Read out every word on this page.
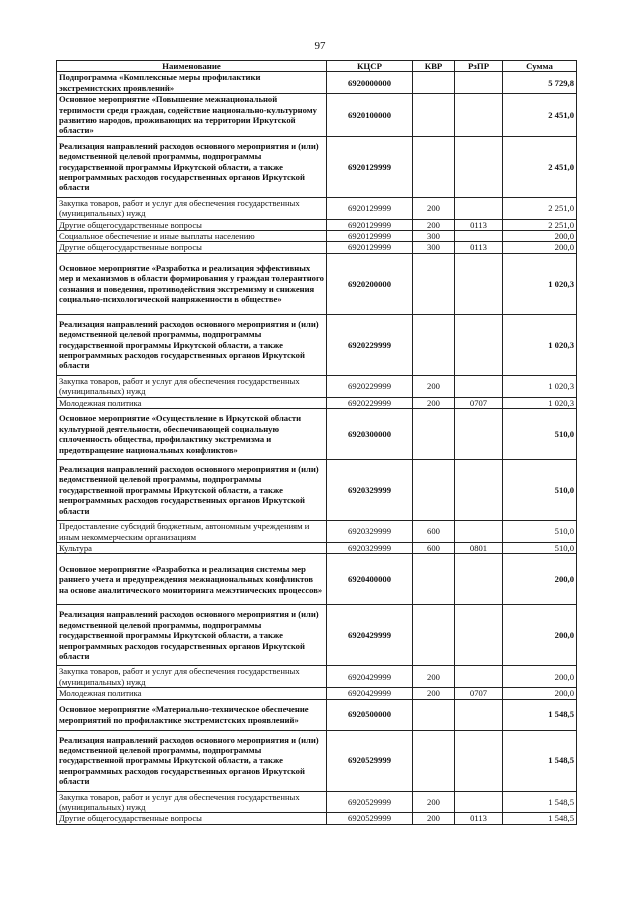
97
Наименование	КЦСР	КВР	РзПР	Сумма
Подпрограмма «Комплексные меры профилактики экстремистских проявлений»	6920000000			5 729,8
Основное мероприятие «Повышение межнациональной терпимости среди граждан, содействие национально-культурному развитию народов, проживающих на территории Иркутской области»	6920100000			2 451,0
Реализация направлений расходов основного мероприятия и (или) ведомственной целевой программы, подпрограммы государственной программы Иркутской области, а также непрограммных расходов государственных органов Иркутской области	6920129999			2 451,0
Закупка товаров, работ и услуг для обеспечения государственных (муниципальных) нужд	6920129999	200		2 251,0
Другие общегосударственные вопросы	6920129999	200	0113	2 251,0
Социальное обеспечение и иные выплаты населению	6920129999	300		200,0
Другие общегосударственные вопросы	6920129999	300	0113	200,0
Основное мероприятие «Разработка и реализация эффективных мер и механизмов в области формирования у граждан толерантного сознания и поведения, противодействия экстремизму и снижения социально-психологической напряженности в обществе»	6920200000			1 020,3
Реализация направлений расходов основного мероприятия и (или) ведомственной целевой программы, подпрограммы государственной программы Иркутской области, а также непрограммных расходов государственных органов Иркутской области	6920229999			1 020,3
Закупка товаров, работ и услуг для обеспечения государственных (муниципальных) нужд	6920229999	200		1 020,3
Молодежная политика	6920229999	200	0707	1 020,3
Основное мероприятие «Осуществление в Иркутской области культурной деятельности, обеспечивающей социальную сплоченность общества, профилактику экстремизма и предотвращение национальных конфликтов»	6920300000			510,0
Реализация направлений расходов основного мероприятия и (или) ведомственной целевой программы, подпрограммы государственной программы Иркутской области, а также непрограммных расходов государственных органов Иркутской области	6920329999			510,0
Предоставление субсидий бюджетным, автономным учреждениям и иным некоммерческим организациям	6920329999	600		510,0
Культура	6920329999	600	0801	510,0
Основное мероприятие «Разработка и реализация системы мер раннего учета и предупреждения межнациональных конфликтов на основе аналитического мониторинга межэтнических процессов»	6920400000			200,0
Реализация направлений расходов основного мероприятия и (или) ведомственной целевой программы, подпрограммы государственной программы Иркутской области, а также непрограммных расходов государственных органов Иркутской области	6920429999			200,0
Закупка товаров, работ и услуг для обеспечения государственных (муниципальных) нужд	6920429999	200		200,0
Молодежная политика	6920429999	200	0707	200,0
Основное мероприятие «Материально-техническое обеспечение мероприятий по профилактике экстремистских проявлений»	6920500000			1 548,5
Реализация направлений расходов основного мероприятия и (или) ведомственной целевой программы, подпрограммы государственной программы Иркутской области, а также непрограммных расходов государственных органов Иркутской области	6920529999			1 548,5
Закупка товаров, работ и услуг для обеспечения государственных (муниципальных) нужд	6920529999	200		1 548,5
Другие общегосударственные вопросы	6920529999	200	0113	1 548,5
